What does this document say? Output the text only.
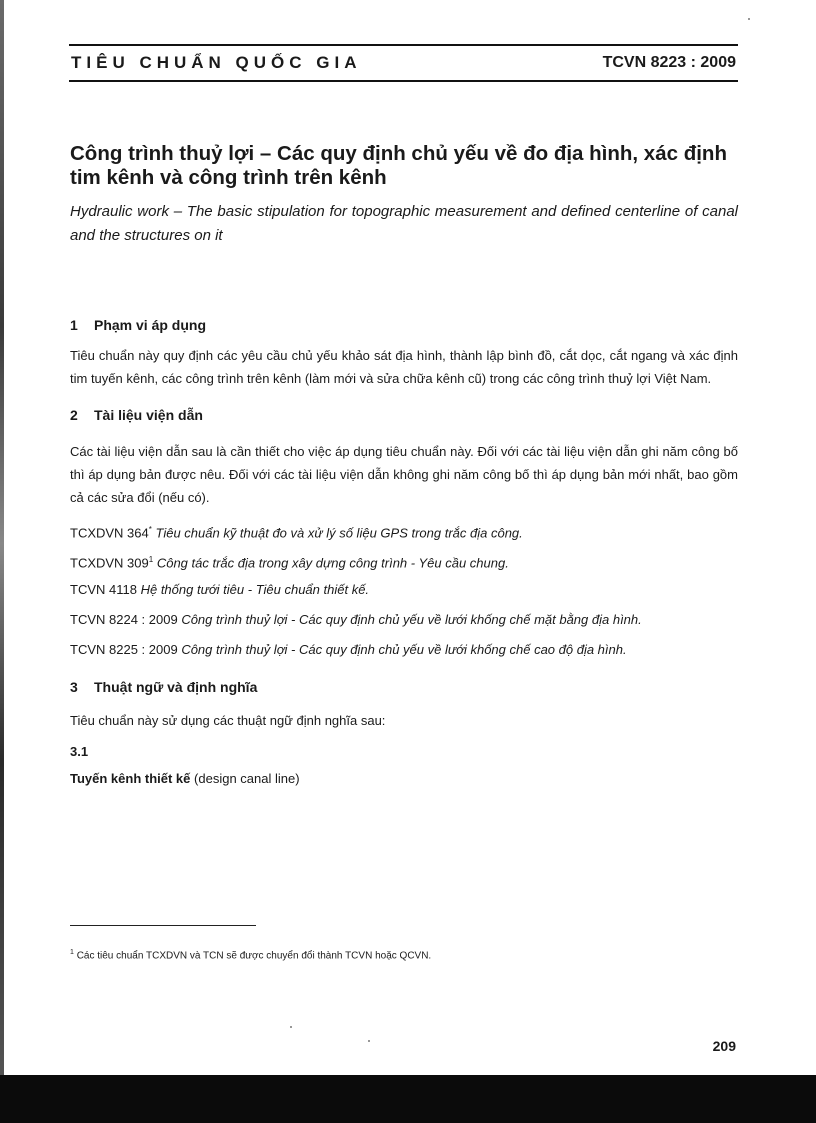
TIÊU CHUẨN QUỐC GIA	TCVN 8223 : 2009
Công trình thuỷ lợi – Các quy định chủ yếu về đo địa hình, xác định tim kênh và công trình trên kênh

Hydraulic work – The basic stipulation for topographic measurement and defined centerline of canal and the structures on it

1 Phạm vi áp dụng

Tiêu chuẩn này quy định các yêu cầu chủ yếu khảo sát địa hình, thành lập bình đồ, cắt dọc, cắt ngang và xác định tim tuyến kênh, các công trình trên kênh (làm mới và sửa chữa kênh cũ) trong các công trình thuỷ lợi Việt Nam.

2 Tài liệu viện dẫn

Các tài liệu viện dẫn sau là cần thiết cho việc áp dụng tiêu chuẩn này. Đối với các tài liệu viện dẫn ghi năm công bố thì áp dụng bản được nêu. Đối với các tài liệu viện dẫn không ghi năm công bố thì áp dụng bản mới nhất, bao gồm cả các sửa đổi (nếu có).

TCXDVN 364* Tiêu chuẩn kỹ thuật đo và xử lý số liệu GPS trong trắc địa công.

TCXDVN $309^1$ Công tác trắc địa trong xây dựng công trình - Yêu cầu chung.

TCVN 4118 Hệ thống tưới tiêu - Tiêu chuẩn thiết kế.

TCVN 8224 : 2009 Công trình thuỷ lợi - Các quy định chủ yếu về lưới khống chế mặt bằng địa hình.

TCVN 8225 : 2009 Công trình thuỷ lợi - Các quy định chủ yếu về lưới khống chế cao độ địa hình.

3 Thuật ngữ và định nghĩa

Tiêu chuẩn này sử dụng các thuật ngữ định nghĩa sau:

3.1

Tuyến kênh thiết kế (design canal line)

$^1$ Các tiêu chuẩn TCXDVN và TCN sẽ được chuyển đổi thành TCVN hoặc QCVN.
209
